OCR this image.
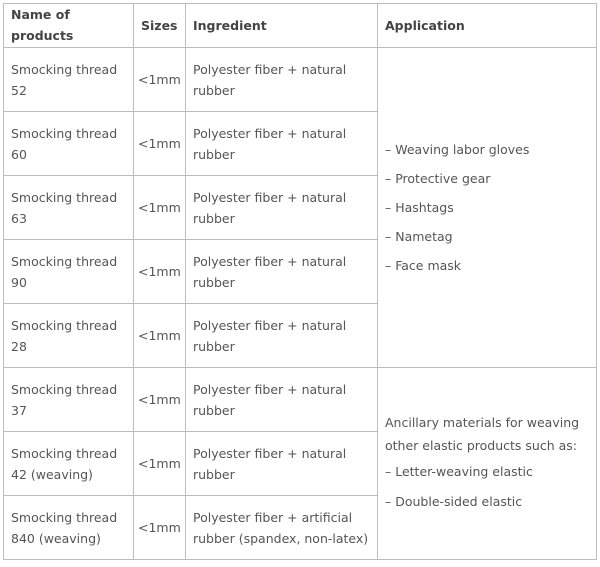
Name of products	Sizes	Ingredient	Application
Smocking thread 52	<1mm	Polyester fiber + natural rubber	– Weaving labor gloves
– Protective gear
– Hashtags
– Nametag
– Face mask

Smocking thread 60	<1mm	Polyester fiber + natural rubber	
Smocking thread 63	<1mm	Polyester fiber + natural rubber	
Smocking thread 90	<1mm	Polyester fiber + natural rubber	
Smocking thread 28	<1mm	Polyester fiber + natural rubber	
Smocking thread 37	<1mm	Polyester fiber + natural rubber	Ancillary materials for weaving other elastic products such as:
– Letter-weaving elastic
– Double-sided elastic

Smocking thread 42 (weaving)	<1mm	Polyester fiber + natural rubber	
Smocking thread 840 (weaving)	<1mm	Polyester fiber + artificial rubber (spandex, non-latex)	
